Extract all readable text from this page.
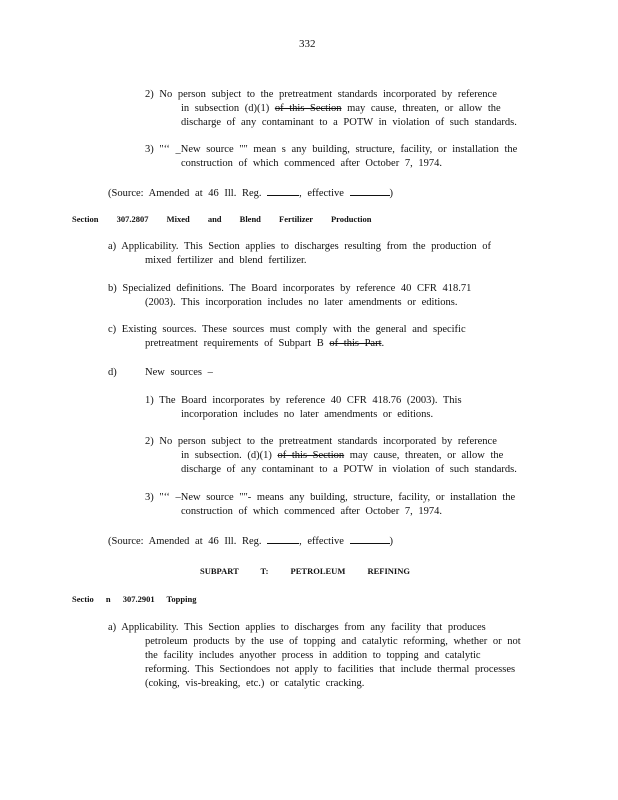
332
2) No person subject to the pretreatment standards incorporated by reference
in subsection (d)(1) of this Section may cause, threaten, or allow the
discharge of any contaminant to a POTW in violation of such standards.
3) "‘‘ _New source "" mean s any building, structure, facility, or installation the
construction of which commenced after October 7, 1974.
(Source: Amended at 46 Ill. Reg.	, effective	)
Section 307.2807 Mixed and Blend Fertilizer Production
a) Applicability. This Section applies to discharges resulting from the production of
mixed fertilizer and blend fertilizer.
b) Specialized definitions. The Board incorporates by reference 40 CFR 418.71
(2003). This incorporation includes no later amendments or editions.
c) Existing sources. These sources must comply with the general and specific
pretreatment requirements of Subpart B of this Part.
d)	New sources –
1) The Board incorporates by reference 40 CFR 418.76 (2003). This
incorporation includes no later amendments or editions.
2) No person subject to the pretreatment standards incorporated by reference
in subsection. (d)(1) of this Section may cause, threaten, or allow the
discharge of any contaminant to a POTW in violation of such standards.
3) "‘‘ –New source ""- means any building, structure, facility, or installation the
construction of which commenced after October 7, 1974.
(Source: Amended at 46 Ill. Reg.	, effective	)
SUBPART T: PETROLEUM REFINING
Sectio n 307.2901 Topping
a) Applicability. This Section applies to discharges from any facility that produces
petroleum products by the use of topping and catalytic reforming, whether or not
the facility includes anyother process in addition to topping and catalytic
reforming. This Sectiondoes not apply to facilities that include thermal processes
(coking, vis-breaking, etc.) or catalytic cracking.
